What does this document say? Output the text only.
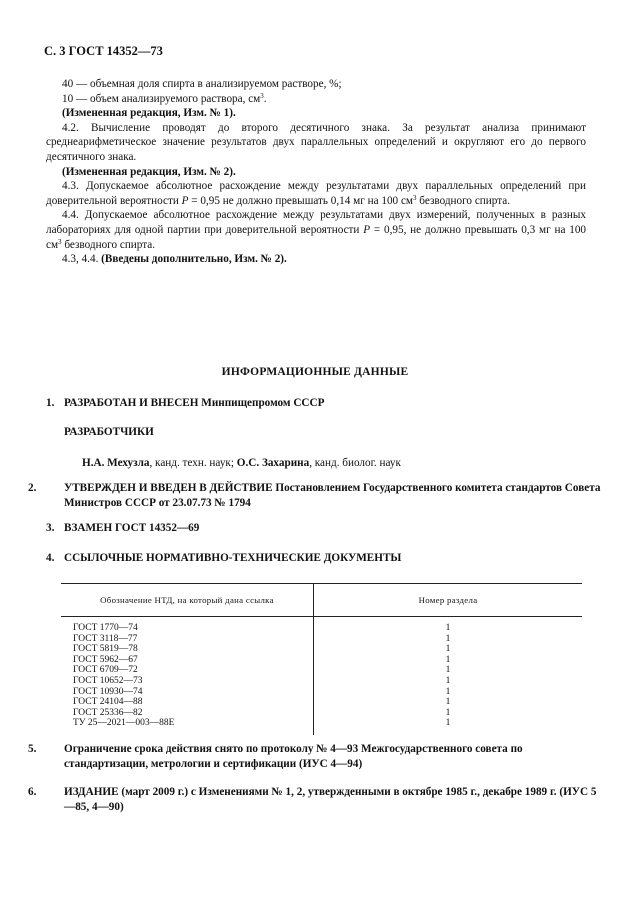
С. 3 ГОСТ 14352—73

40 — объемная доля спирта в анализируемом растворе, %;

10 — объем анализируемого раствора, $см^3$.

(Измененная редакция, Изм. № 1).

4.2. Вычисление проводят до второго десятичного знака. За результат анализа принимают среднеарифметическое значение результатов двух параллельных определений и округляют его до первого десятичного знака.

(Измененная редакция, Изм. № 2).

4.3. Допускаемое абсолютное расхождение между результатами двух параллельных определений при доверительной вероятности Р = 0,95 не должно превышать 0,14 мг на 100 $см^3$ безводного спирта.

4.4. Допускаемое абсолютное расхождение между результатами двух измерений, полученных в разных лабораториях для одной партии при доверительной вероятности Р = 0,95, не должно превышать 0,3 мг на 100 $см^3$ безводного спирта.

4.3, 4.4. (Введены дополнительно, Изм. № 2).

ИНФОРМАЦИОННЫЕ ДАННЫЕ
1. РАЗРАБОТАН И ВНЕСЕН Минпищепромом СССР
РАЗРАБОТЧИКИ
Н.А. Мехузла, канд. техн. наук; О.С. Захарина, канд. биолог. наук
2. УТВЕРЖДЕН И ВВЕДЕН В ДЕЙСТВИЕ Постановлением Государственного комитета стандартов Совета Министров СССР от 23.07.73 № 1794
3. ВЗАМЕН ГОСТ 14352—69
4. ССЫЛОЧНЫЕ НОРМАТИВНО-ТЕХНИЧЕСКИЕ ДОКУМЕНТЫ
Обозначение НТД, на который дана ссылка	Номер раздела

ГОСТ 1770—74	1
ГОСТ 3118—77	1
ГОСТ 5819—78	1
ГОСТ 5962—67	1
ГОСТ 6709—72	1
ГОСТ 10652—73	1
ГОСТ 10930—74	1
ГОСТ 24104—88	1
ГОСТ 25336—82	1
ТУ 25—2021—003—88Е	1

5. Ограничение срока действия снято по протоколу № 4—93 Межгосударственного совета по стандартизации, метрологии и сертификации (ИУС 4—94)
6. ИЗДАНИЕ (март 2009 г.) с Изменениями № 1, 2, утвержденными в октябре 1985 г., декабре 1989 г. (ИУС 5—85, 4—90)
